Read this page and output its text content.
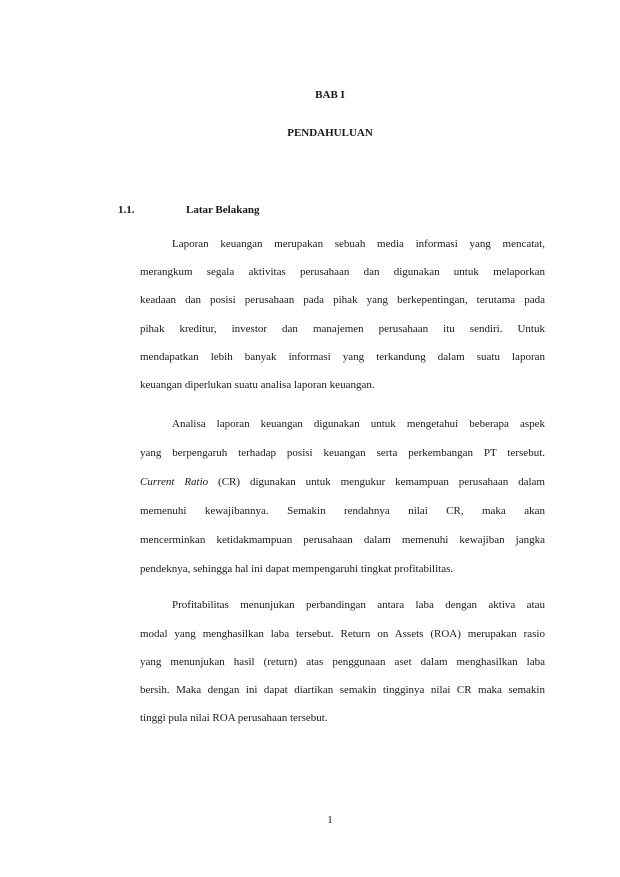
BAB I
PENDAHULUAN
1.1.	Latar Belakang
Laporan keuangan merupakan sebuah media informasi yang mencatat,
merangkum segala aktivitas perusahaan dan digunakan untuk melaporkan
keadaan dan posisi perusahaan pada pihak yang berkepentingan, terutama pada
pihak kreditur, investor dan manajemen perusahaan itu sendiri. Untuk
mendapatkan lebih banyak informasi yang terkandung dalam suatu laporan
keuangan diperlukan suatu analisa laporan keuangan.
Analisa laporan keuangan digunakan untuk mengetahui beberapa aspek
yang berpengaruh terhadap posisi keuangan serta perkembangan PT tersebut.
Current Ratio (CR) digunakan untuk mengukur kemampuan perusahaan dalam
memenuhi kewajibannya. Semakin rendahnya nilai CR, maka akan
mencerminkan ketidakmampuan perusahaan dalam memenuhi kewajiban jangka
pendeknya, sehingga hal ini dapat mempengaruhi tingkat profitabilitas.
Profitabilitas menunjukan perbandingan antara laba dengan aktiva atau
modal yang menghasilkan laba tersebut. Return on Assets (ROA) merupakan rasio
yang menunjukan hasil (return) atas penggunaan aset dalam menghasilkan laba
bersih. Maka dengan ini dapat diartikan semakin tingginya nilai CR maka semakin
tinggi pula nilai ROA perusahaan tersebut.
1
